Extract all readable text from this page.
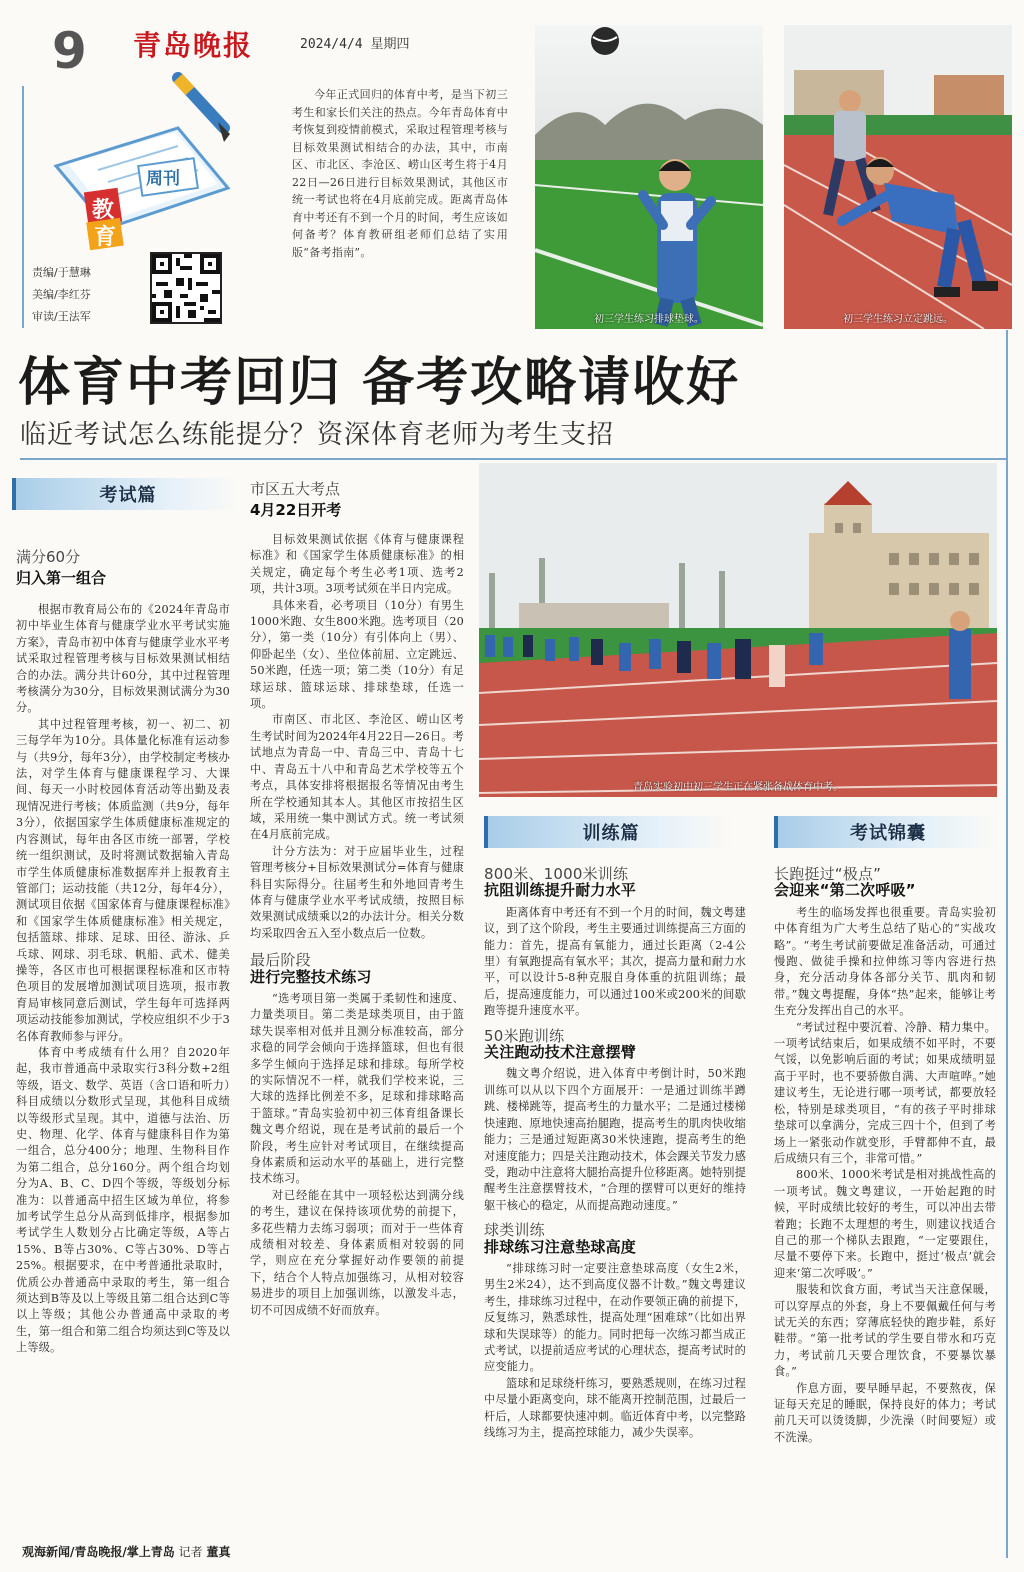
9 青岛晚报	2024/4/4 星期四
教
育
周刊
责编/于慧琳
美编/李红芬
审读/王法军
今年正式回归的体育中考，是当下初三考生和家长们关注的热点。今年青岛体育中考恢复到疫情前模式，采取过程管理考核与目标效果测试相结合的办法，其中，市南区、市北区、李沧区、崂山区考生将于4月22日—26日进行目标效果测试，其他区市统一考试也将在4月底前完成。距离青岛体育中考还有不到一个月的时间，考生应该如何备考？体育教研组老师们总结了实用版“备考指南”。
初三学生练习排球垫球。	初三学生练习立定跳远。
体育中考回归 备考攻略请收好
临近考试怎么练能提分？资深体育老师为考生支招
青岛实验初中初三学生正在紧张备战体育中考。
考试篇
满分60分
归入第一组合

根据市教育局公布的《2024年青岛市初中毕业生体育与健康学业水平考试实施方案》，青岛市初中体育与健康学业水平考试采取过程管理考核与目标效果测试相结合的办法。满分共计60分，其中过程管理考核满分为30分，目标效果测试满分为30分。

其中过程管理考核，初一、初二、初三每学年为10分。具体量化标准有运动参与（共9分，每年3分），由学校制定考核办法，对学生体育与健康课程学习、大课间、每天一小时校园体育活动等出勤及表现情况进行考核；体质监测（共9分，每年3分），依据国家学生体质健康标准规定的内容测试，每年由各区市统一部署，学校统一组织测试，及时将测试数据输入青岛市学生体质健康标准数据库并上报教育主管部门；运动技能（共12分，每年4分），测试项目依据《国家体育与健康课程标准》和《国家学生体质健康标准》相关规定，包括篮球、排球、足球、田径、游泳、乒乓球、网球、羽毛球、帆船、武术、健美操等，各区市也可根据课程标准和区市特色项目的发展增加测试项目选项，报市教育局审核同意后测试，学生每年可选择两项运动技能参加测试，学校应组织不少于3名体育教师参与评分。

体育中考成绩有什么用？自2020年起，我市普通高中录取实行3科分数+2组等级，语文、数学、英语（含口语和听力）科目成绩以分数形式呈现，其他科目成绩以等级形式呈现。其中，道德与法治、历史、物理、化学、体育与健康科目作为第一组合，总分400分；地理、生物科目作为第二组合，总分160分。两个组合均划分为A、B、C、D四个等级，等级划分标准为：以普通高中招生区域为单位，将参加考试学生总分从高到低排序，根据参加考试学生人数划分占比确定等级，A等占15%、B等占30%、C等占30%、D等占25%。根据要求，在中考普通批录取时，优质公办普通高中录取的考生，第一组合须达到B等及以上等级且第二组合达到C等以上等级；其他公办普通高中录取的考生，第一组合和第二组合均须达到C等及以上等级。

市区五大考点
4月22日开考

目标效果测试依据《体育与健康课程标准》和《国家学生体质健康标准》的相关规定，确定每个考生必考1项、选考2项，共计3项。3项考试须在半日内完成。

具体来看，必考项目（10分）有男生1000米跑、女生800米跑。选考项目（20分），第一类（10分）有引体向上（男）、仰卧起坐（女）、坐位体前屈、立定跳远、50米跑，任选一项；第二类（10分）有足球运球、篮球运球、排球垫球，任选一项。

市南区、市北区、李沧区、崂山区考生考试时间为2024年4月22日—26日。考试地点为青岛一中、青岛三中、青岛十七中、青岛五十八中和青岛艺术学校等五个考点，具体安排将根据报名等情况由考生所在学校通知其本人。其他区市按招生区域，采用统一集中测试方式。统一考试须在4月底前完成。

计分方法为：对于应届毕业生，过程管理考核分+目标效果测试分=体育与健康科目实际得分。往届考生和外地回青考生体育与健康学业水平考试成绩，按照目标效果测试成绩乘以2的办法计分。相关分数均采取四舍五入至小数点后一位数。

最后阶段
进行完整技术练习

“选考项目第一类属于柔韧性和速度、力量类项目。第二类是球类项目，由于篮球失误率相对低并且测分标准较高，部分求稳的同学会倾向于选择篮球，但也有很多学生倾向于选择足球和排球。每所学校的实际情况不一样，就我们学校来说，三大球的选择比例差不多，足球和排球略高于篮球。”青岛实验初中初三体育组备课长魏文粤介绍说，现在是考试前的最后一个阶段，考生应针对考试项目，在继续提高身体素质和运动水平的基础上，进行完整技术练习。

对已经能在其中一项轻松达到满分线的考生，建议在保持该项优势的前提下，多花些精力去练习弱项；而对于一些体育成绩相对较差、身体素质相对较弱的同学，则应在充分掌握好动作要领的前提下，结合个人特点加强练习，从相对较容易进步的项目上加强训练，以激发斗志，切不可因成绩不好而放弃。

训练篇
800米、1000米训练
抗阻训练提升耐力水平

距离体育中考还有不到一个月的时间，魏文粤建议，到了这个阶段，考生主要通过训练提高三方面的能力：首先，提高有氧能力，通过长距离（2-4公里）有氧跑提高有氧水平；其次，提高力量和耐力水平，可以设计5-8种克服自身体重的抗阻训练；最后，提高速度能力，可以通过100米或200米的间歇跑等提升速度水平。

50米跑训练
关注跑动技术注意摆臂

魏文粤介绍说，进入体育中考倒计时，50米跑训练可以从以下四个方面展开：一是通过训练半蹲跳、楼梯跳等，提高考生的力量水平；二是通过楼梯快速跑、原地快速高抬腿跑，提高考生的肌肉快收缩能力；三是通过短距离30米快速跑，提高考生的绝对速度能力；四是关注跑动技术，体会踝关节发力感受，跑动中注意将大腿抬高提升位移距离。她特别提醒考生注意摆臂技术，“合理的摆臂可以更好的维持躯干核心的稳定，从而提高跑动速度。”

球类训练
排球练习注意垫球高度

“排球练习时一定要注意垫球高度（女生2米，男生2米24），达不到高度仪器不计数。”魏文粤建议考生，排球练习过程中，在动作要领正确的前提下，反复练习，熟悉球性，提高处理“困难球”（比如出界球和失误球等）的能力。同时把每一次练习都当成正式考试，以提前适应考试的心理状态，提高考试时的应变能力。

篮球和足球绕杆练习，要熟悉规则，在练习过程中尽量小距离变向，球不能离开控制范围，过最后一杆后，人球都要快速冲刺。临近体育中考，以完整路线练习为主，提高控球能力，减少失误率。

考试锦囊
长跑挺过“极点”
会迎来“第二次呼吸”

考生的临场发挥也很重要。青岛实验初中体育组为广大考生总结了贴心的“实战攻略”。“考生考试前要做足准备活动，可通过慢跑、做徒手操和拉伸练习等内容进行热身，充分活动身体各部分关节、肌肉和韧带。”魏文粤提醒，身体“热”起来，能够让考生充分发挥出自己的水平。

“考试过程中要沉着、冷静、精力集中。一项考试结束后，如果成绩不如平时，不要气馁，以免影响后面的考试；如果成绩明显高于平时，也不要骄傲自满、大声喧哗。”她建议考生，无论进行哪一项考试，都要放轻松，特别是球类项目，“有的孩子平时排球垫球可以拿满分，完成三四十个，但到了考场上一紧张动作就变形，手臂都伸不直，最后成绩只有三个，非常可惜。”

800米、1000米考试是相对挑战性高的一项考试。魏文粤建议，一开始起跑的时候，平时成绩比较好的考生，可以冲出去带着跑；长跑不太理想的考生，则建议找适合自己的那一个梯队去跟跑，“一定要跟住，尽量不要停下来。长跑中，挺过‘极点’就会迎来‘第二次呼吸’。”

服装和饮食方面，考试当天注意保暖，可以穿厚点的外套，身上不要佩戴任何与考试无关的东西；穿薄底轻快的跑步鞋，系好鞋带。“第一批考试的学生要自带水和巧克力，考试前几天要合理饮食，不要暴饮暴食。”

作息方面，要早睡早起，不要熬夜，保证每天充足的睡眠，保持良好的体力；考试前几天可以烫烫脚，少洗澡（时间要短）或不洗澡。

观海新闻/青岛晚报/掌上青岛 记者 董真
